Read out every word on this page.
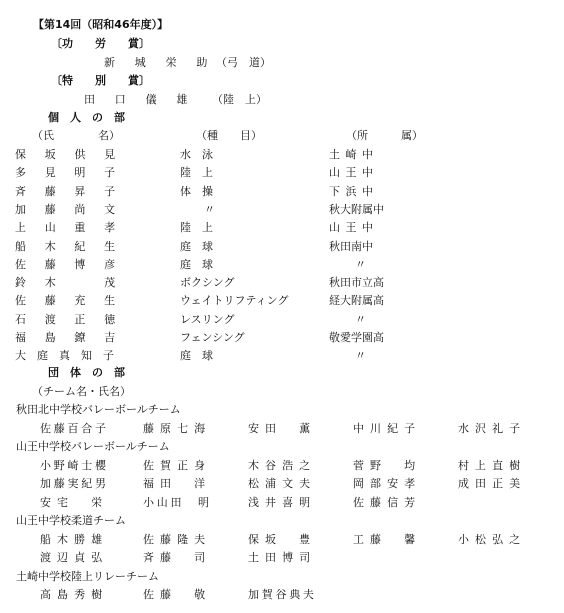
【第14回（昭和46年度）】
〔功　　労　　賞〕
新　城　栄　助 （弓　道）
〔特　　別　　賞〕
田　口　儀　雄 （陸　上）
個　人　の　部
（氏　　　　名）	（種　　目）	（所　　　属）
保坂供見	水　泳	土崎中
多見明子	陸　上	山王中
斉藤昇子	体　操	下浜中
加藤尚文	〃	秋大附属中
上山重孝	陸　上	山王中
船木紀生	庭　球	秋田南中
佐藤博彦	庭　球	〃
鈴木　茂	ボクシング	秋田市立高
佐藤充生	ウェイトリフティング	経大附属高
石渡正徳	レスリング	〃
福島鐐吉	フェンシング	敬愛学園高
大庭真知子	庭　球	〃
団　体　の　部
（チーム名・氏名）
秋田北中学校バレーボールチーム
佐藤百合子	藤原七海	安田　薫	中川紀子	水沢礼子
山王中学校バレーボールチーム
小野崎士櫻	佐賀正身	木谷浩之	菅野　均	村上直樹
加藤実紀男	福田　洋	松浦文夫	岡部安孝	成田正美
安宅　栄	小山田　明	浅井喜明	佐藤信芳
山王中学校柔道チーム
船木勝雄	佐藤隆夫	保坂　豊	工藤　馨	小松弘之
渡辺貞弘	斉藤　司	土田博司
土崎中学校陸上リレーチーム
高島秀樹	佐藤　敬	加賀谷典夫
